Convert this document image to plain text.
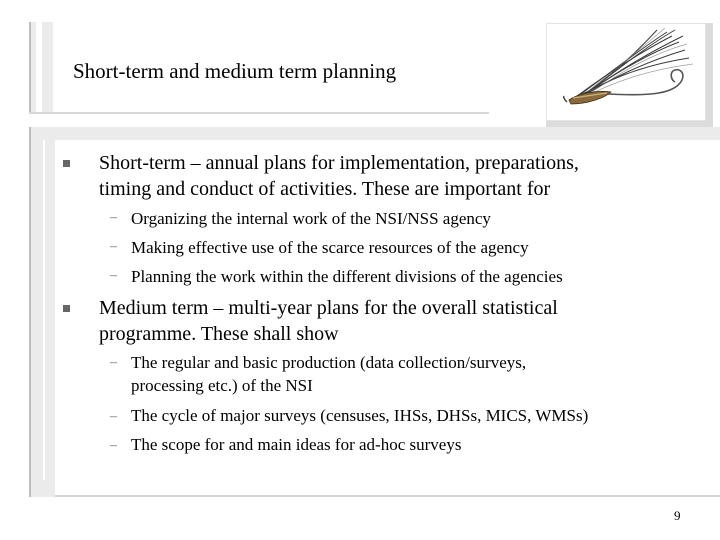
Short-term and medium term planning
Short-term – annual plans for implementation, preparations,
timing and conduct of activities. These are important for
– Organizing the internal work of the NSI/NSS agency
– Making effective use of the scarce resources of the agency
– Planning the work within the different divisions of the agencies
Medium term – multi-year plans for the overall statistical
programme. These shall show
– The regular and basic production (data collection/surveys,
processing etc.) of the NSI
– The cycle of major surveys (censuses, IHSs, DHSs, MICS, WMSs)
– The scope for and main ideas for ad-hoc surveys
9
